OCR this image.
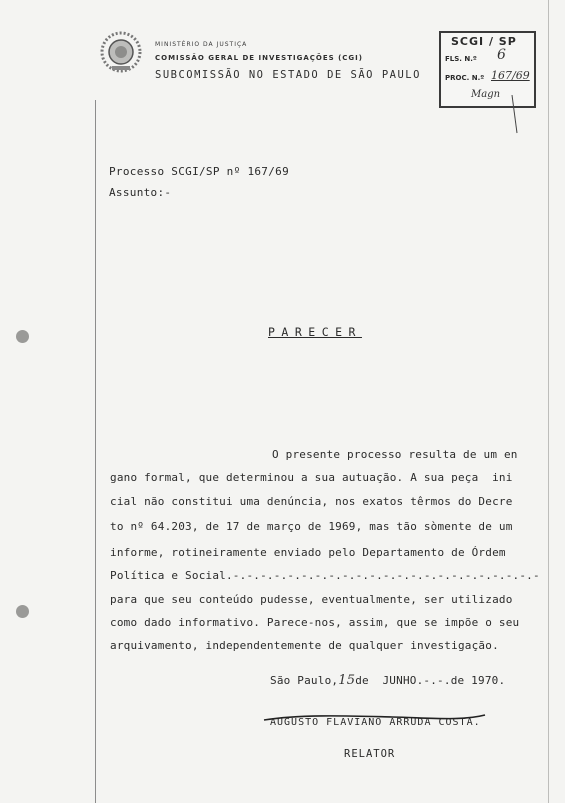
MINISTÉRIO DA JUSTIÇA
COMISSÃO GERAL DE INVESTIGAÇÕES (CGI)
SUBCOMISSÃO NO ESTADO DE SÃO PAULO
SCGI / SP
FLS. N.º 6
PROC. N.º 167/69
Magn
Processo SCGI/SP nº 167/69
Assunto:-
PARECER
O presente processo resulta de um en
gano formal, que determinou a sua autuação. A sua peça  ini
cial não constitui uma denúncia, nos exatos têrmos do Decre
to nº 64.203, de 17 de março de 1969, mas tão sòmente de um
informe, rotineiramente enviado pelo Departamento de Órdem
Política e Social.-.-.-.-.-.-.-.-.-.-.-.-.-.-.-.-.-.-.-.-.-.-.-
para que seu conteúdo pudesse, eventualmente, ser utilizado
como dado informativo. Parece-nos, assim, que se impõe o seu
arquivamento, independentemente de qualquer investigação.
São Paulo,15de  JUNHO.-.-.de 1970.
AUGUSTO FLAVIANO ARRUDA COSTA.
RELATOR
